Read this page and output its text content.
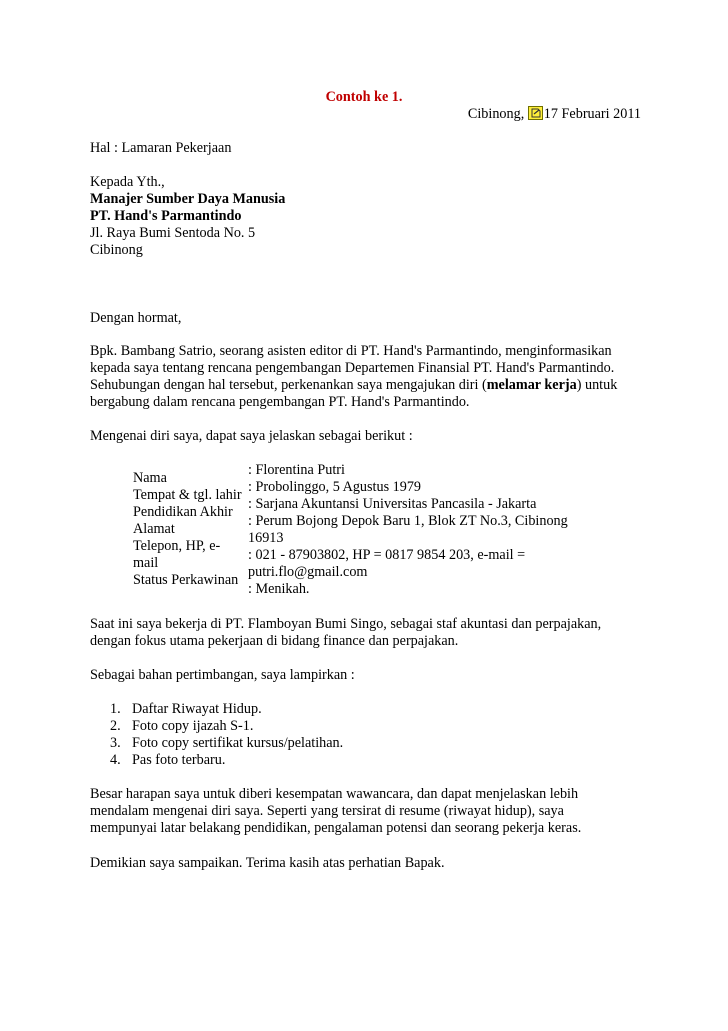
Contoh ke 1.
Cibinong, 17 Februari 2011
Hal : Lamaran Pekerjaan
Kepada Yth.,
Manajer Sumber Daya Manusia
PT. Hand's Parmantindo
Jl. Raya Bumi Sentoda No. 5
Cibinong
Dengan hormat,
Bpk. Bambang Satrio, seorang asisten editor di PT. Hand's Parmantindo, menginformasikan
kepada saya tentang rencana pengembangan Departemen Finansial PT. Hand's Parmantindo.
Sehubungan dengan hal tersebut, perkenankan saya mengajukan diri (melamar kerja) untuk
bergabung dalam rencana pengembangan PT. Hand's Parmantindo.
Mengenai diri saya, dapat saya jelaskan sebagai berikut :
Nama
Tempat & tgl. lahir
Pendidikan Akhir
Alamat
Telepon, HP, e-
mail
Status Perkawinan
: Florentina Putri
: Probolinggo, 5 Agustus 1979
: Sarjana Akuntansi Universitas Pancasila - Jakarta
: Perum Bojong Depok Baru 1, Blok ZT No.3, Cibinong
16913
: 021 - 87903802, HP = 0817 9854 203, e-mail =
putri.flo@gmail.com
: Menikah.
Saat ini saya bekerja di PT. Flamboyan Bumi Singo, sebagai staf akuntasi dan perpajakan,
dengan fokus utama pekerjaan di bidang finance dan perpajakan.
Sebagai bahan pertimbangan, saya lampirkan :
1. Daftar Riwayat Hidup.
2. Foto copy ijazah S-1.
3. Foto copy sertifikat kursus/pelatihan.
4. Pas foto terbaru.
Besar harapan saya untuk diberi kesempatan wawancara, dan dapat menjelaskan lebih
mendalam mengenai diri saya. Seperti yang tersirat di resume (riwayat hidup), saya
mempunyai latar belakang pendidikan, pengalaman potensi dan seorang pekerja keras.
Demikian saya sampaikan. Terima kasih atas perhatian Bapak.
